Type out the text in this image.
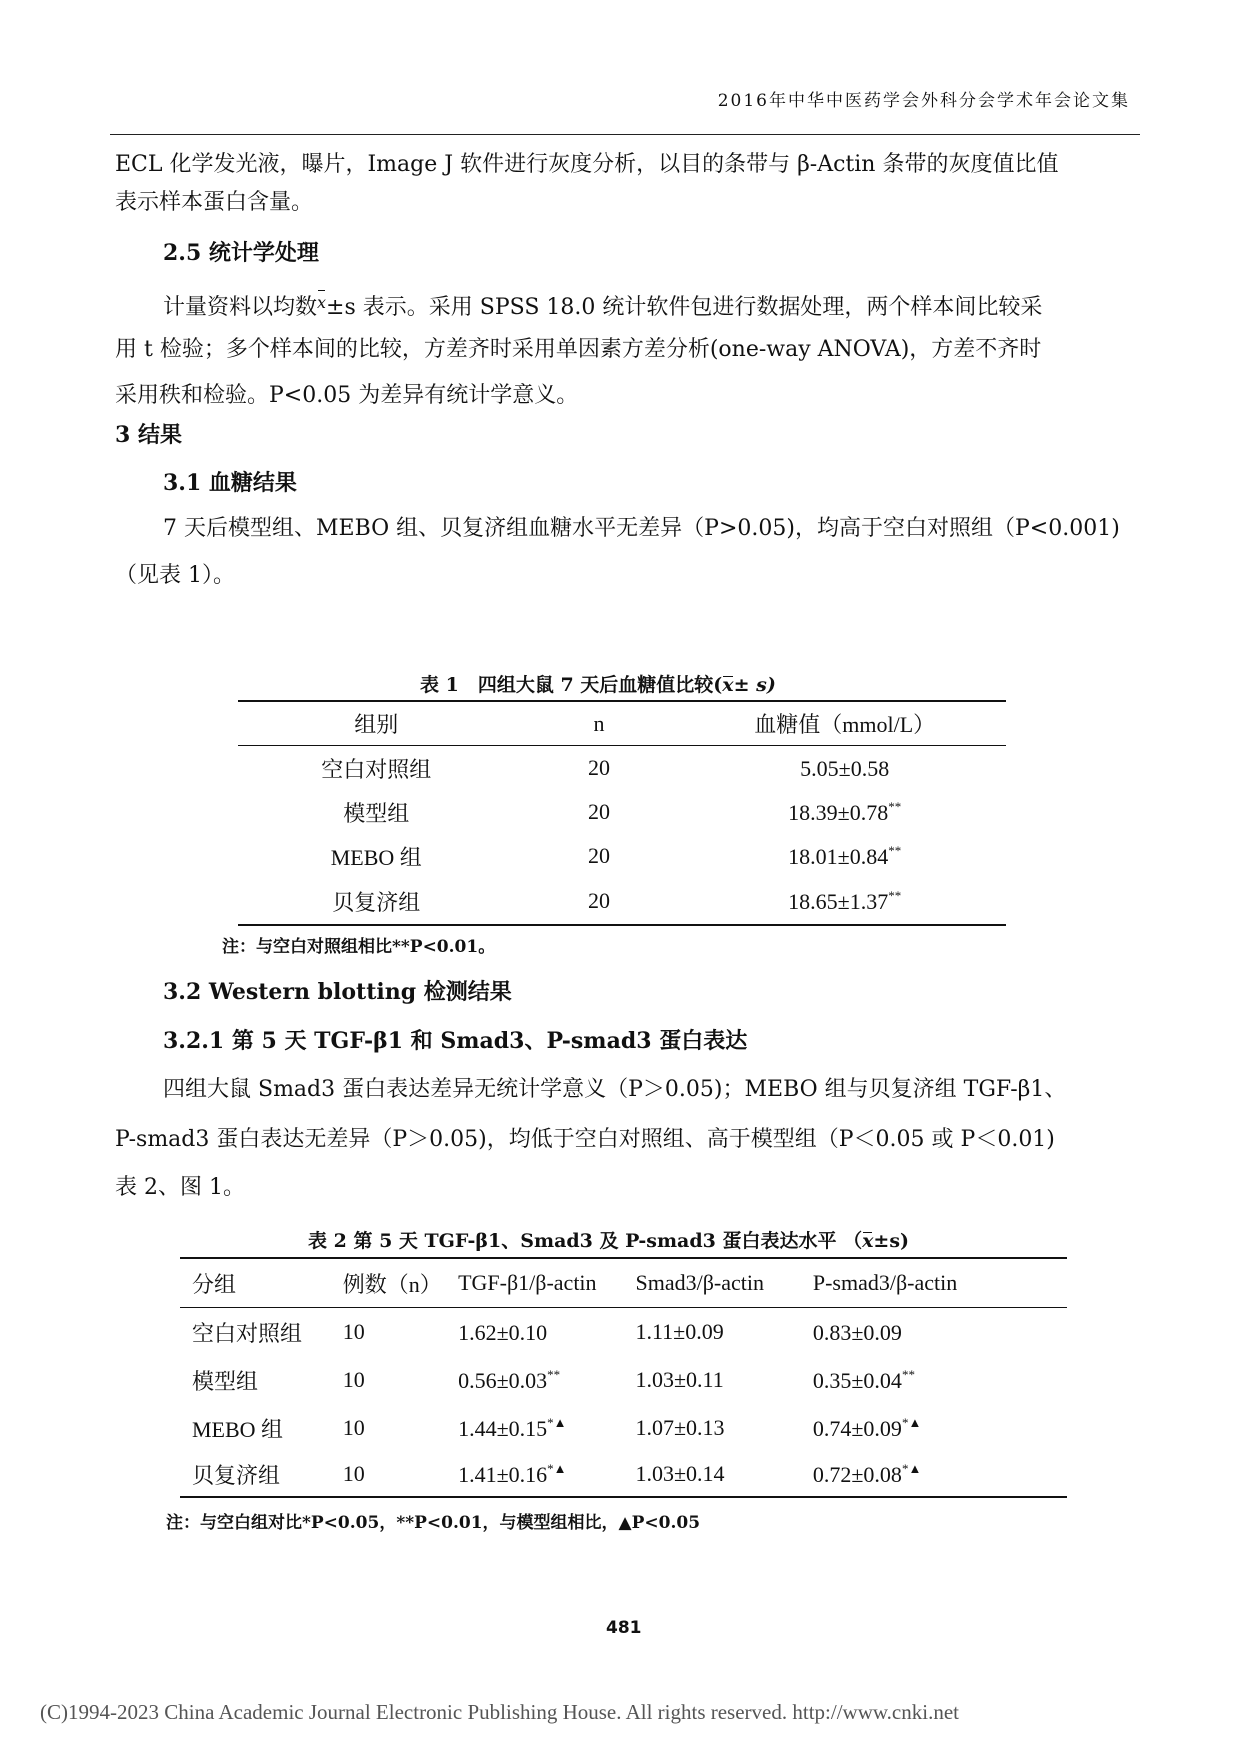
2016年中华中医药学会外科分会学术年会论文集
ECL 化学发光液，曝片，Image J 软件进行灰度分析，以目的条带与 β-Actin 条带的灰度值比值
表示样本蛋白含量。
2.5 统计学处理
计量资料以均数x±s 表示。采用 SPSS 18.0 统计软件包进行数据处理，两个样本间比较采
用 t 检验；多个样本间的比较，方差齐时采用单因素方差分析(one-way ANOVA)，方差不齐时
采用秩和检验。P<0.05 为差异有统计学意义。
3 结果
3.1 血糖结果
7 天后模型组、MEBO 组、贝复济组血糖水平无差异（P>0.05)，均高于空白对照组（P<0.001)
（见表 1）。
表 1　四组大鼠 7 天后血糖值比较(x± s)
组别	n	血糖值（mmol/L）
空白对照组	20	5.05±0.58
模型组	20	18.39±0.78**
MEBO 组	20	18.01±0.84**
贝复济组	20	18.65±1.37**
注：与空白对照组相比**P<0.01。
3.2 Western blotting 检测结果
3.2.1 第 5 天 TGF-β1 和 Smad3、P-smad3 蛋白表达
四组大鼠 Smad3 蛋白表达差异无统计学意义（P＞0.05)；MEBO 组与贝复济组 TGF-β1、
P-smad3 蛋白表达无差异（P＞0.05)，均低于空白对照组、高于模型组（P＜0.05 或 P＜0.01)
表 2、图 1。
表 2 第 5 天 TGF-β1、Smad3 及 P-smad3 蛋白表达水平 （x±s)
分组	例数（n）	TGF-β1/β-actin	Smad3/β-actin	P-smad3/β-actin
空白对照组	10	1.62±0.10	1.11±0.09	0.83±0.09
模型组	10	0.56±0.03**	1.03±0.11	0.35±0.04**
MEBO 组	10	1.44±0.15*▲	1.07±0.13	0.74±0.09*▲
贝复济组	10	1.41±0.16*▲	1.03±0.14	0.72±0.08*▲
注：与空白组对比*P<0.05，**P<0.01，与模型组相比，▲P<0.05
481
(C)1994-2023 China Academic Journal Electronic Publishing House. All rights reserved. http://www.cnki.net
